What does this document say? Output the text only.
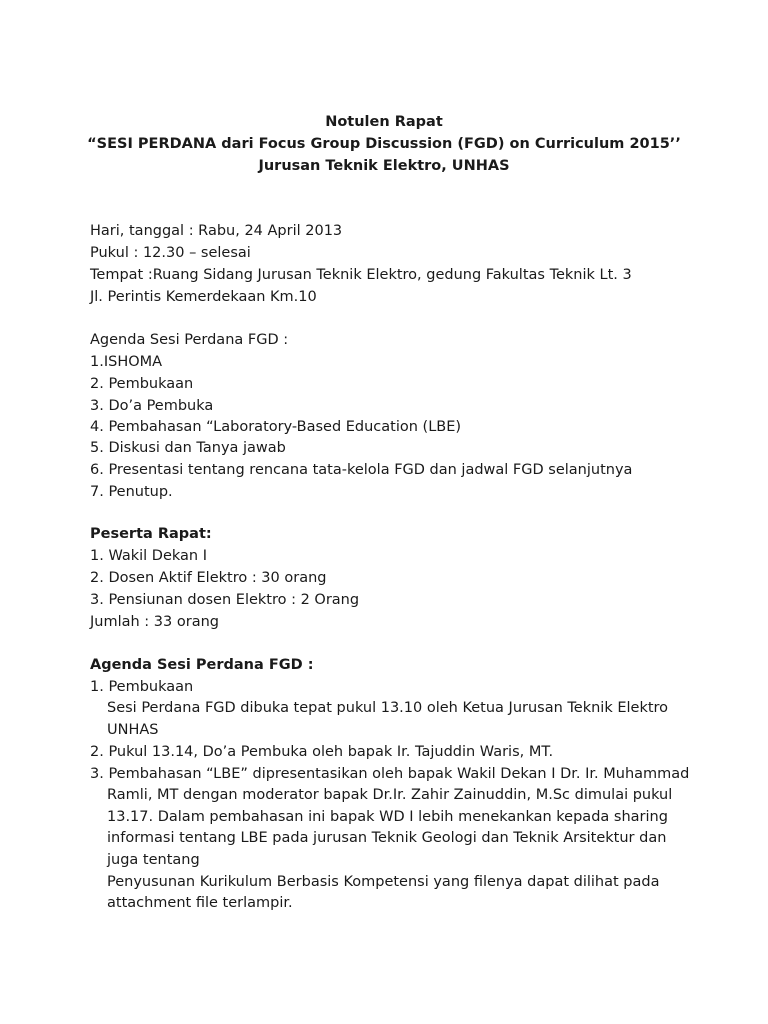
Notulen Rapat
“SESI PERDANA dari Focus Group Discussion (FGD) on Curriculum 2015’’
Jurusan Teknik Elektro, UNHAS
Hari, tanggal : Rabu, 24 April 2013
Pukul : 12.30 – selesai
Tempat :Ruang Sidang Jurusan Teknik Elektro, gedung Fakultas Teknik Lt. 3
Jl. Perintis Kemerdekaan Km.10
Agenda Sesi Perdana FGD :
1.ISHOMA
2. Pembukaan
3. Do’a Pembuka
4. Pembahasan “Laboratory-Based Education (LBE)
5. Diskusi dan Tanya jawab
6. Presentasi tentang rencana tata-kelola FGD dan jadwal FGD selanjutnya
7. Penutup.
Peserta Rapat:
1. Wakil Dekan I
2. Dosen Aktif Elektro : 30 orang
3. Pensiunan dosen Elektro : 2 Orang
Jumlah : 33 orang
Agenda Sesi Perdana FGD :
1. Pembukaan
Sesi Perdana FGD dibuka tepat pukul 13.10 oleh Ketua Jurusan Teknik Elektro
UNHAS
2. Pukul 13.14, Do’a Pembuka oleh bapak Ir. Tajuddin Waris, MT.
3. Pembahasan “LBE” dipresentasikan oleh bapak Wakil Dekan I Dr. Ir. Muhammad
Ramli, MT dengan moderator bapak Dr.Ir. Zahir Zainuddin, M.Sc dimulai pukul
13.17. Dalam pembahasan ini bapak WD I lebih menekankan kepada sharing
informasi tentang LBE pada jurusan Teknik Geologi dan Teknik Arsitektur dan
juga tentang
Penyusunan Kurikulum Berbasis Kompetensi yang filenya dapat dilihat pada
attachment file terlampir.
